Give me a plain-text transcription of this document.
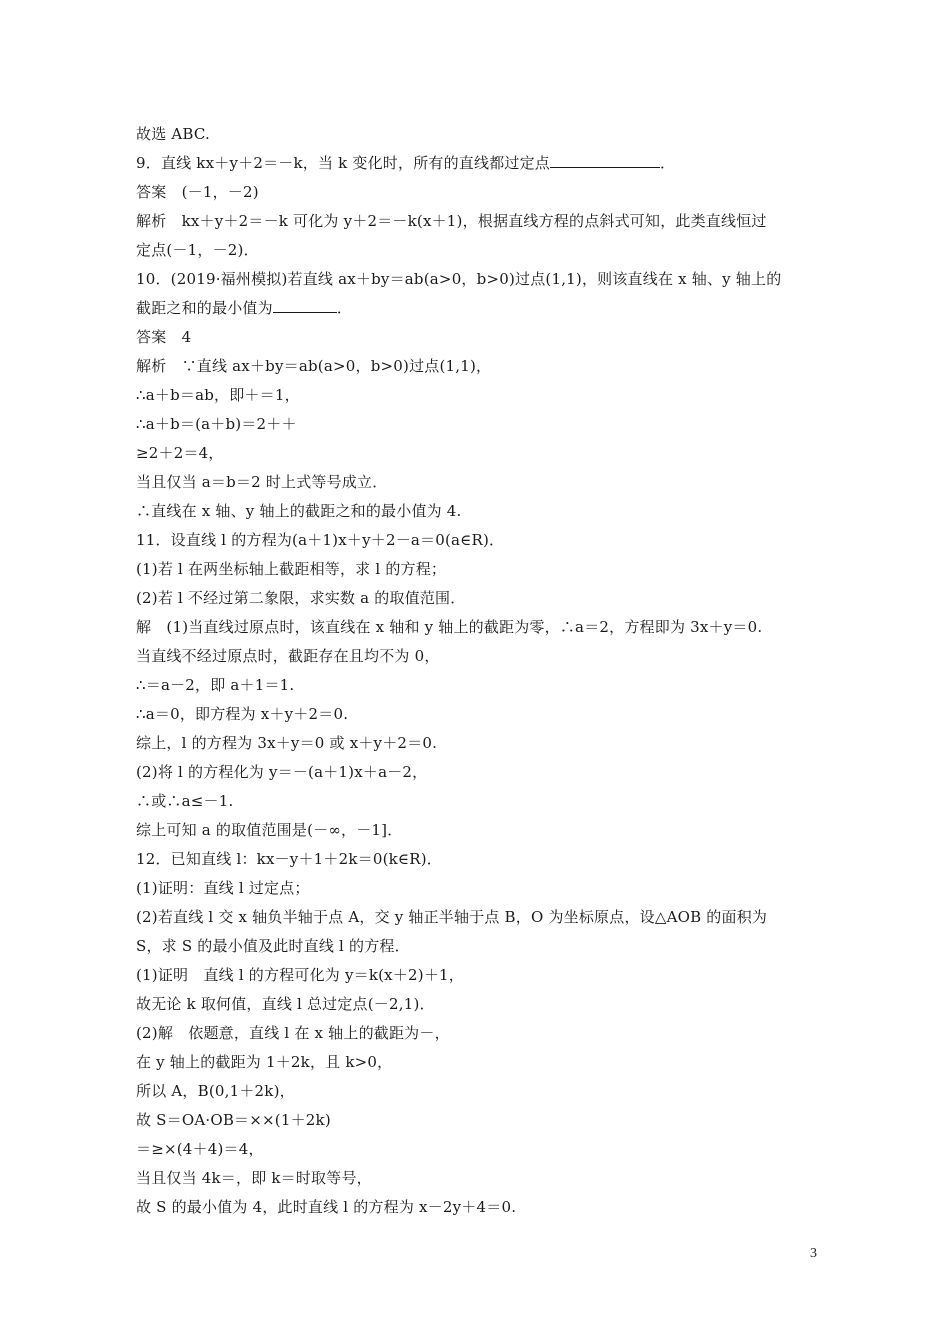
故选 ABC.
9．直线 kx＋y＋2＝－k，当 k 变化时，所有的直线都过定点	．
答案　(－1，－2)
解析　kx＋y＋2＝－k 可化为 y＋2＝－k(x＋1)，根据直线方程的点斜式可知，此类直线恒过
定点(－1，－2)．
10．(2019·福州模拟)若直线 ax＋by＝ab(a>0，b>0)过点(1,1)，则该直线在 x 轴、y 轴上的
截距之和的最小值为	．
答案　4
解析　∵直线 ax＋by＝ab(a>0，b>0)过点(1,1)，
∴a＋b＝ab，即＋＝1，
∴a＋b＝(a＋b)＝2＋＋
≥2＋2＝4，
当且仅当 a＝b＝2 时上式等号成立．
∴直线在 x 轴、y 轴上的截距之和的最小值为 4.
11．设直线 l 的方程为(a＋1)x＋y＋2－a＝0(a∈R)．
(1)若 l 在两坐标轴上截距相等，求 l 的方程；
(2)若 l 不经过第二象限，求实数 a 的取值范围．
解　(1)当直线过原点时，该直线在 x 轴和 y 轴上的截距为零，∴a＝2，方程即为 3x＋y＝0.
当直线不经过原点时，截距存在且均不为 0，
∴＝a－2，即 a＋1＝1.
∴a＝0，即方程为 x＋y＋2＝0.
综上，l 的方程为 3x＋y＝0 或 x＋y＋2＝0.
(2)将 l 的方程化为 y＝－(a＋1)x＋a－2，
∴或∴a≤－1.
综上可知 a 的取值范围是(－∞，－1]．
12．已知直线 l：kx－y＋1＋2k＝0(k∈R)．
(1)证明：直线 l 过定点；
(2)若直线 l 交 x 轴负半轴于点 A，交 y 轴正半轴于点 B，O 为坐标原点，设△AOB 的面积为
S，求 S 的最小值及此时直线 l 的方程．
(1)证明　直线 l 的方程可化为 y＝k(x＋2)＋1，
故无论 k 取何值，直线 l 总过定点(－2,1)．
(2)解　依题意，直线 l 在 x 轴上的截距为－，
在 y 轴上的截距为 1＋2k，且 k>0，
所以 A，B(0,1＋2k)，
故 S＝OA·OB＝××(1＋2k)
＝≥×(4＋4)＝4，
当且仅当 4k＝，即 k＝时取等号，
故 S 的最小值为 4，此时直线 l 的方程为 x－2y＋4＝0.
3
